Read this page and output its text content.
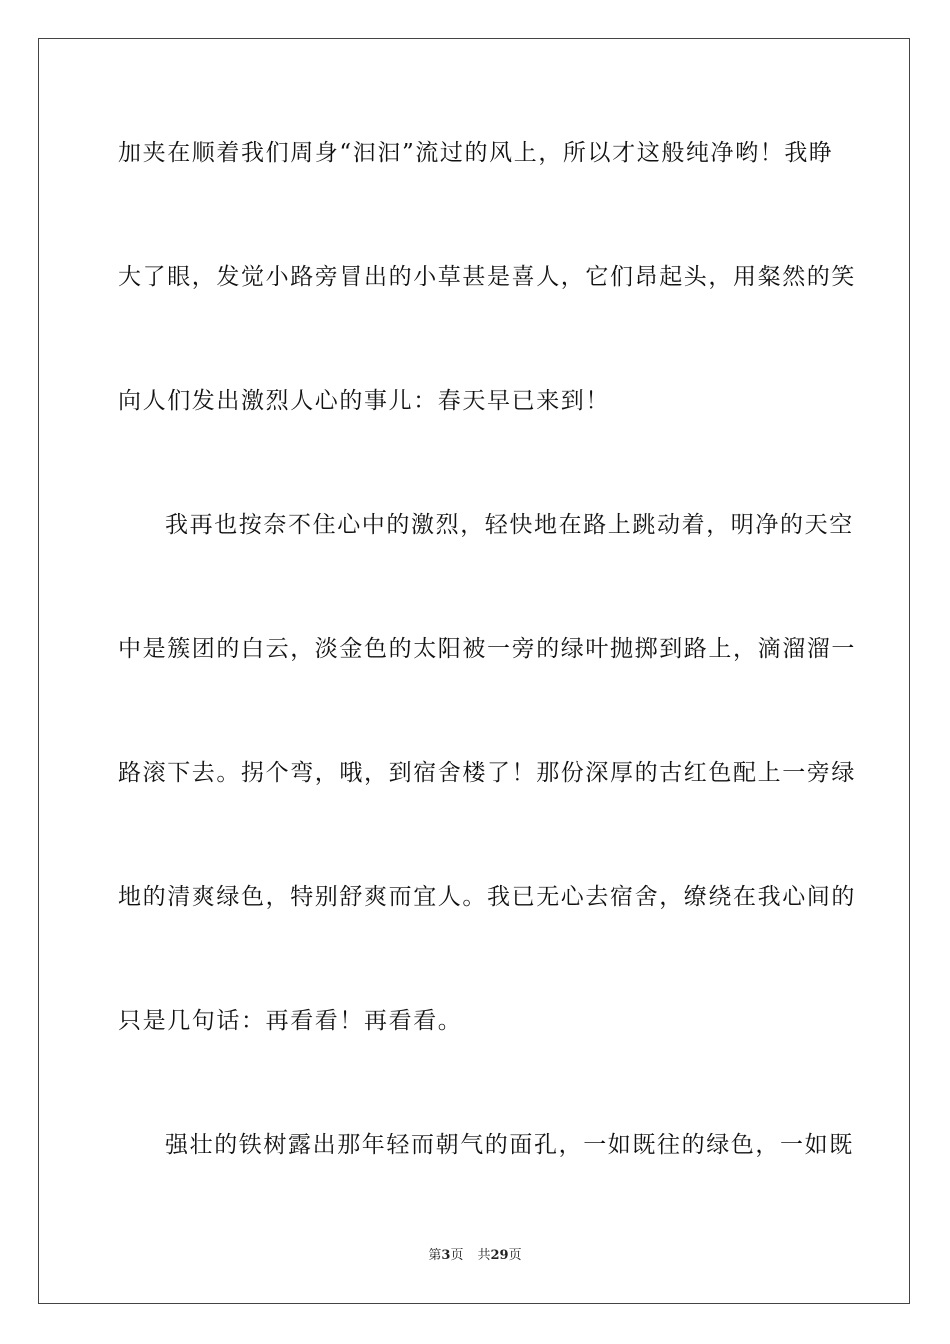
加夹在顺着我们周身“汩汩”流过的风上，所以才这般纯净哟！我睁

大了眼，发觉小路旁冒出的小草甚是喜人，它们昂起头，用粲然的笑

向人们发出激烈人心的事儿：春天早已来到！

我再也按奈不住心中的激烈，轻快地在路上跳动着，明净的天空

中是簇团的白云，淡金色的太阳被一旁的绿叶抛掷到路上，滴溜溜一

路滚下去。拐个弯，哦，到宿舍楼了！那份深厚的古红色配上一旁绿

地的清爽绿色，特别舒爽而宜人。我已无心去宿舍，缭绕在我心间的

只是几句话：再看看！再看看。

强壮的铁树露出那年轻而朝气的面孔，一如既往的绿色，一如既

第3页 共29页
